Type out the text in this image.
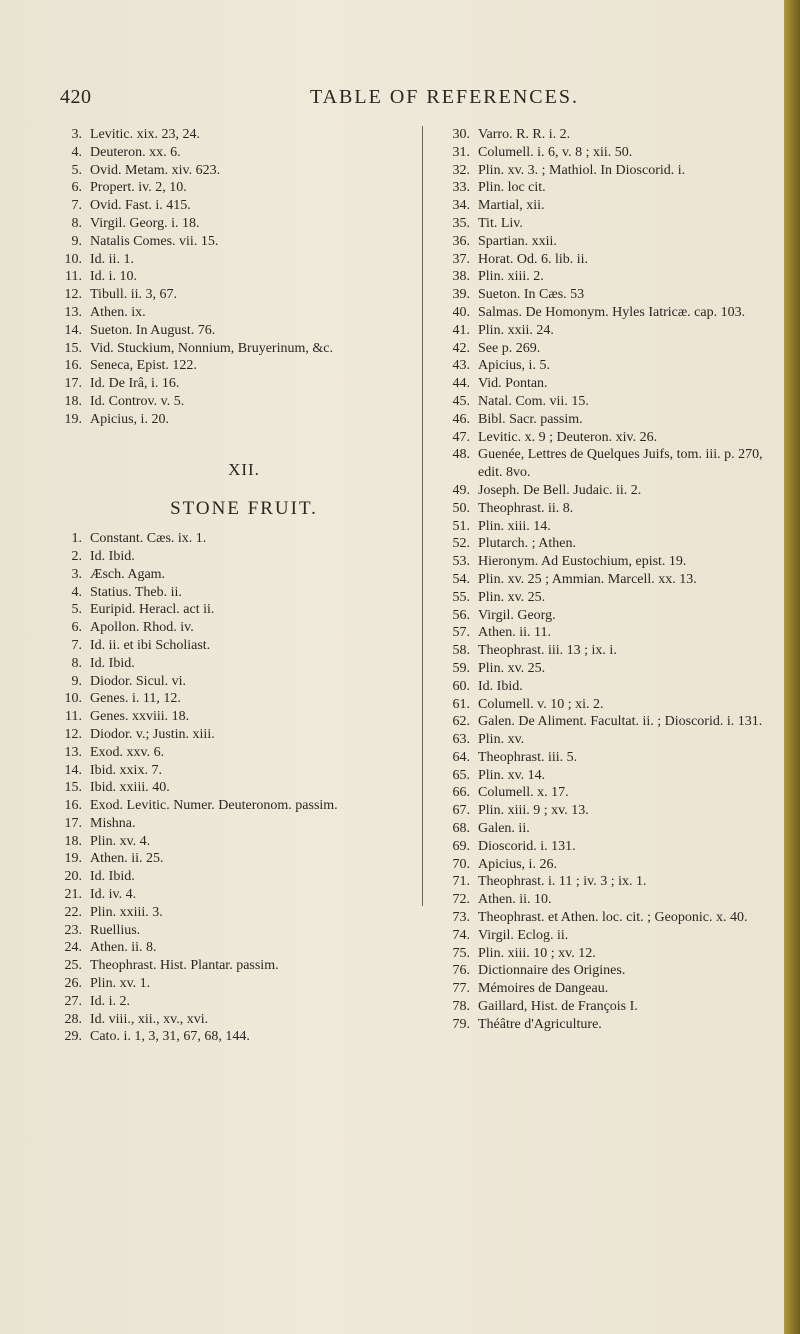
420	TABLE OF REFERENCES.
3. Levitic. xix. 23, 24.
4. Deuteron. xx. 6.
5. Ovid. Metam. xiv. 623.
6. Propert. iv. 2, 10.
7. Ovid. Fast. i. 415.
8. Virgil. Georg. i. 18.
9. Natalis Comes. vii. 15.
10. Id. ii. 1.
11. Id. i. 10.
12. Tibull. ii. 3, 67.
13. Athen. ix.
14. Sueton. In August. 76.
15. Vid. Stuckium, Nonnium, Bruyerinum, &c.
16. Seneca, Epist. 122.
17. Id. De Irâ, i. 16.
18. Id. Controv. v. 5.
19. Apicius, i. 20.
XII.
STONE FRUIT.
1. Constant. Cæs. ix. 1.
2. Id. Ibid.
3. Æsch. Agam.
4. Statius. Theb. ii.
5. Euripid. Heracl. act ii.
6. Apollon. Rhod. iv.
7. Id. ii. et ibi Scholiast.
8. Id. Ibid.
9. Diodor. Sicul. vi.
10. Genes. i. 11, 12.
11. Genes. xxviii. 18.
12. Diodor. v.; Justin. xiii.
13. Exod. xxv. 6.
14. Ibid. xxix. 7.
15. Ibid. xxiii. 40.
16. Exod. Levitic. Numer. Deuteronom. passim.
17. Mishna.
18. Plin. xv. 4.
19. Athen. ii. 25.
20. Id. Ibid.
21. Id. iv. 4.
22. Plin. xxiii. 3.
23. Ruellius.
24. Athen. ii. 8.
25. Theophrast. Hist. Plantar. passim.
26. Plin. xv. 1.
27. Id. i. 2.
28. Id. viii., xii., xv., xvi.
29. Cato. i. 1, 3, 31, 67, 68, 144.
30. Varro. R. R. i. 2.
31. Columell. i. 6, v. 8 ; xii. 50.
32. Plin. xv. 3. ; Mathiol. In Dioscorid. i.
33. Plin. loc cit.
34. Martial, xii.
35. Tit. Liv.
36. Spartian. xxii.
37. Horat. Od. 6. lib. ii.
38. Plin. xiii. 2.
39. Sueton. In Cæs. 53
40. Salmas. De Homonym. Hyles Iatricæ. cap. 103.
41. Plin. xxii. 24.
42. See p. 269.
43. Apicius, i. 5.
44. Vid. Pontan.
45. Natal. Com. vii. 15.
46. Bibl. Sacr. passim.
47. Levitic. x. 9 ; Deuteron. xiv. 26.
48. Guenée, Lettres de Quelques Juifs, tom. iii. p. 270, edit. 8vo.
49. Joseph. De Bell. Judaic. ii. 2.
50. Theophrast. ii. 8.
51. Plin. xiii. 14.
52. Plutarch. ; Athen.
53. Hieronym. Ad Eustochium, epist. 19.
54. Plin. xv. 25 ; Ammian. Marcell. xx. 13.
55. Plin. xv. 25.
56. Virgil. Georg.
57. Athen. ii. 11.
58. Theophrast. iii. 13 ; ix. i.
59. Plin. xv. 25.
60. Id. Ibid.
61. Columell. v. 10 ; xi. 2.
62. Galen. De Aliment. Facultat. ii. ; Dioscorid. i. 131.
63. Plin. xv.
64. Theophrast. iii. 5.
65. Plin. xv. 14.
66. Columell. x. 17.
67. Plin. xiii. 9 ; xv. 13.
68. Galen. ii.
69. Dioscorid. i. 131.
70. Apicius, i. 26.
71. Theophrast. i. 11 ; iv. 3 ; ix. 1.
72. Athen. ii. 10.
73. Theophrast. et Athen. loc. cit. ; Geoponic. x. 40.
74. Virgil. Eclog. ii.
75. Plin. xiii. 10 ; xv. 12.
76. Dictionnaire des Origines.
77. Mémoires de Dangeau.
78. Gaillard, Hist. de François I.
79. Théâtre d'Agriculture.
